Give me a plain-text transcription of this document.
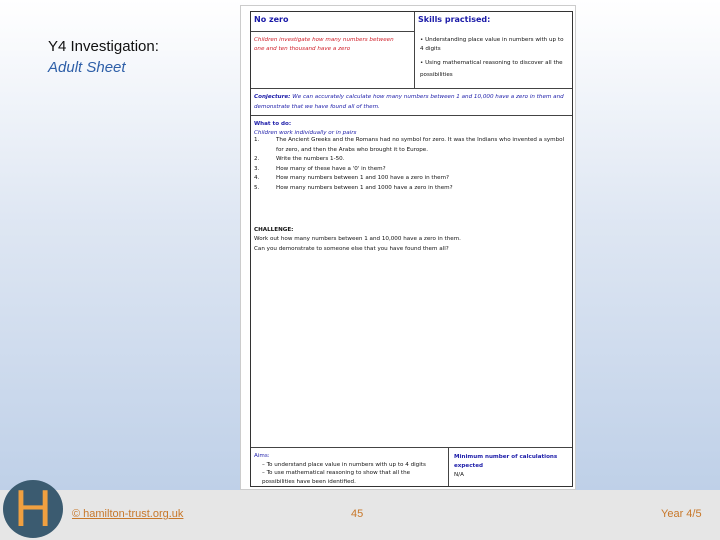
Y4 Investigation:
Adult Sheet
No zero
Children investigate how many numbers between one and ten thousand have a zero
Skills practised:
• Understanding place value in numbers with up to 4 digits
• Using mathematical reasoning to discover all the possibilities
Conjecture: We can accurately calculate how many numbers between 1 and 10,000 have a zero in them and demonstrate that we have found all of them.
What to do:
Children work individually or in pairs
1.	The Ancient Greeks and the Romans had no symbol for zero. It was the Indians who invented a symbol for zero, and then the Arabs who brought it to Europe.
2.	Write the numbers 1-50.
3.	How many of these have a '0' in them?
4.	How many numbers between 1 and 100 have a zero in them?
5.	How many numbers between 1 and 1000 have a zero in them?
CHALLENGE:
Work out how many numbers between 1 and 10,000 have a zero in them.
Can you demonstrate to someone else that you have found them all?
Aims:
– To understand place value in numbers with up to 4 digits
– To use mathematical reasoning to show that all the possibilities have been identified.
Minimum number of calculations expected
N/A
H	© hamilton-trust.org.uk	45	Year 4/5
